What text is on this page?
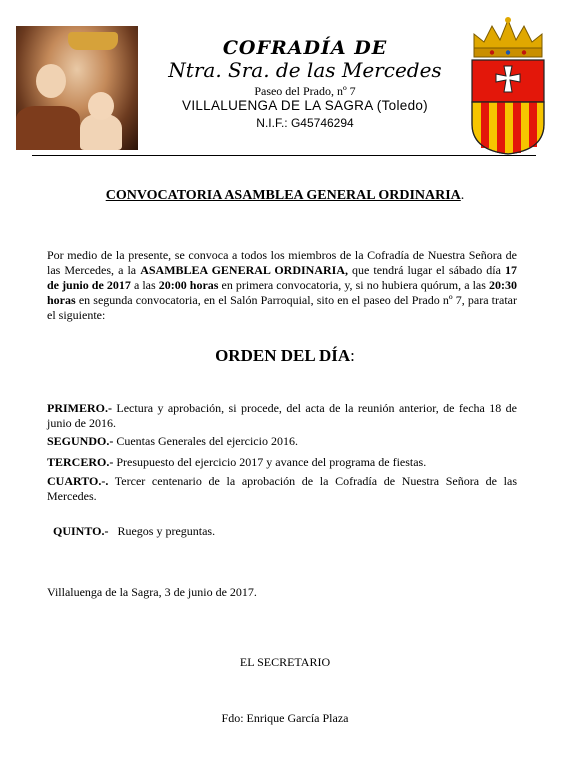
COFRADÍA DE
Ntra. Sra. de las Mercedes
Paseo del Prado, nº 7
VILLALUENGA DE LA SAGRA (Toledo)
N.I.F.: G45746294
CONVOCATORIA ASAMBLEA GENERAL ORDINARIA.
Por medio de la presente, se convoca a todos los miembros de la Cofradía de Nuestra Señora de las Mercedes, a la ASAMBLEA GENERAL ORDINARIA, que tendrá lugar el sábado día 17 de junio de 2017 a las 20:00 horas en primera convocatoria, y, si no hubiera quórum, a las 20:30 horas en segunda convocatoria, en el Salón Parroquial, sito en el paseo del Prado nº 7, para tratar el siguiente:
ORDEN DEL DÍA:
PRIMERO.- Lectura y aprobación, si procede, del acta de la reunión anterior, de fecha 18 de junio de 2016.
SEGUNDO.- Cuentas Generales del ejercicio 2016.
TERCERO.- Presupuesto del ejercicio 2017 y avance del programa de fiestas.
CUARTO.-. Tercer centenario de la aprobación de la Cofradía de Nuestra Señora de las Mercedes.

QUINTO.-   Ruegos y preguntas.

Villaluenga de la Sagra, 3 de junio de 2017.
EL SECRETARIO
Fdo: Enrique García Plaza
